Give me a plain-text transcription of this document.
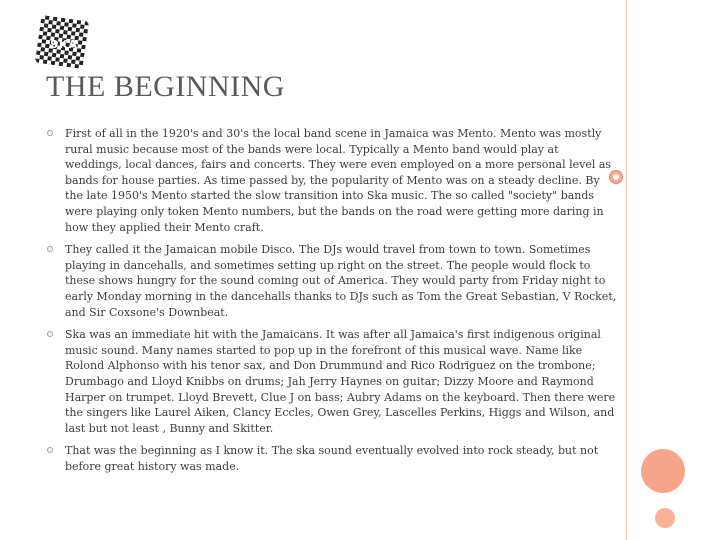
SKA
THE BEGINNING
First of all in the 1920's and 30's the local band scene in Jamaica was Mento. Mento was mostly rural music because most of the bands were local. Typically a Mento band would play at weddings, local dances, fairs and concerts. They were even employed on a more personal level as bands for house parties. As time passed by, the popularity of Mento was on a steady decline. By the late 1950's Mento started the slow transition into Ska music. The so called "society" bands were playing only token Mento numbers, but the bands on the road were getting more daring in how they applied their Mento craft.
They called it the Jamaican mobile Disco. The DJs would travel from town to town. Sometimes playing in dancehalls, and sometimes setting up right on the street. The people would flock to these shows hungry for the sound coming out of America. They would party from Friday night to early Monday morning in the dancehalls thanks to DJs such as Tom the Great Sebastian, V Rocket, and Sir Coxsone's Downbeat.
Ska was an immediate hit with the Jamaicans. It was after all Jamaica's first indigenous original music sound. Many names started to pop up in the forefront of this musical wave. Name like Rolond Alphonso with his tenor sax, and Don Drummund and Rico Rodriguez on the trombone; Drumbago and Lloyd Knibbs on drums; Jah Jerry Haynes on guitar; Dizzy Moore and Raymond Harper on trumpet. Lloyd Brevett, Clue J on bass; Aubry Adams on the keyboard. Then there were the singers like Laurel Aiken, Clancy Eccles, Owen Grey, Lascelles Perkins, Higgs and Wilson, and last but not least , Bunny and Skitter.
That was the beginning as I know it. The ska sound eventually evolved into rock steady, but not before great history was made.
